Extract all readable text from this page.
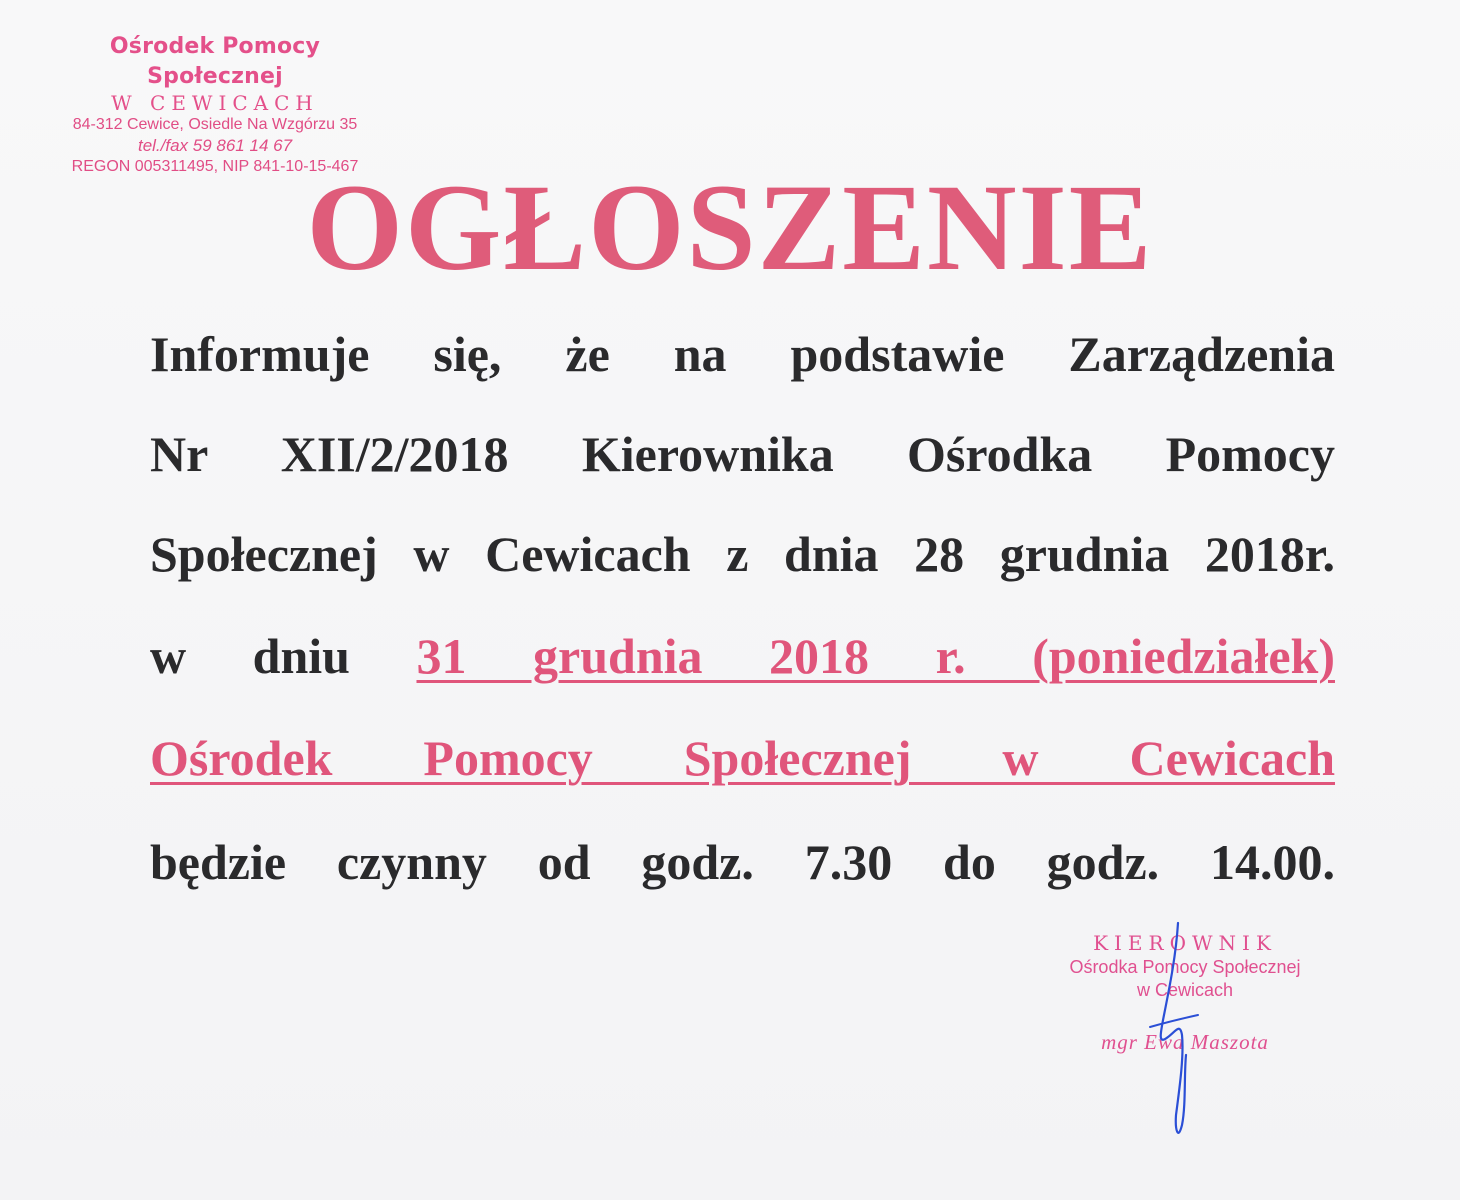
Ośrodek Pomocy Społecznej
W CEWICACH
84-312 Cewice, Osiedle Na Wzgórzu 35
tel./fax 59 861 14 67
REGON 005311495, NIP 841-10-15-467
OGŁOSZENIE
Informuje się, że na podstawie Zarządzenia
Nr XII/2/2018 Kierownika Ośrodka Pomocy
Społecznej w Cewicach z dnia 28 grudnia 2018r.
w dniu 31 grudnia 2018 r. (poniedziałek)
Ośrodek Pomocy Społecznej w Cewicach
będzie czynny od godz. 7.30 do godz. 14.00.
KIEROWNIK
Ośrodka Pomocy Społecznej
w Cewicach
mgr Ewa Maszota
